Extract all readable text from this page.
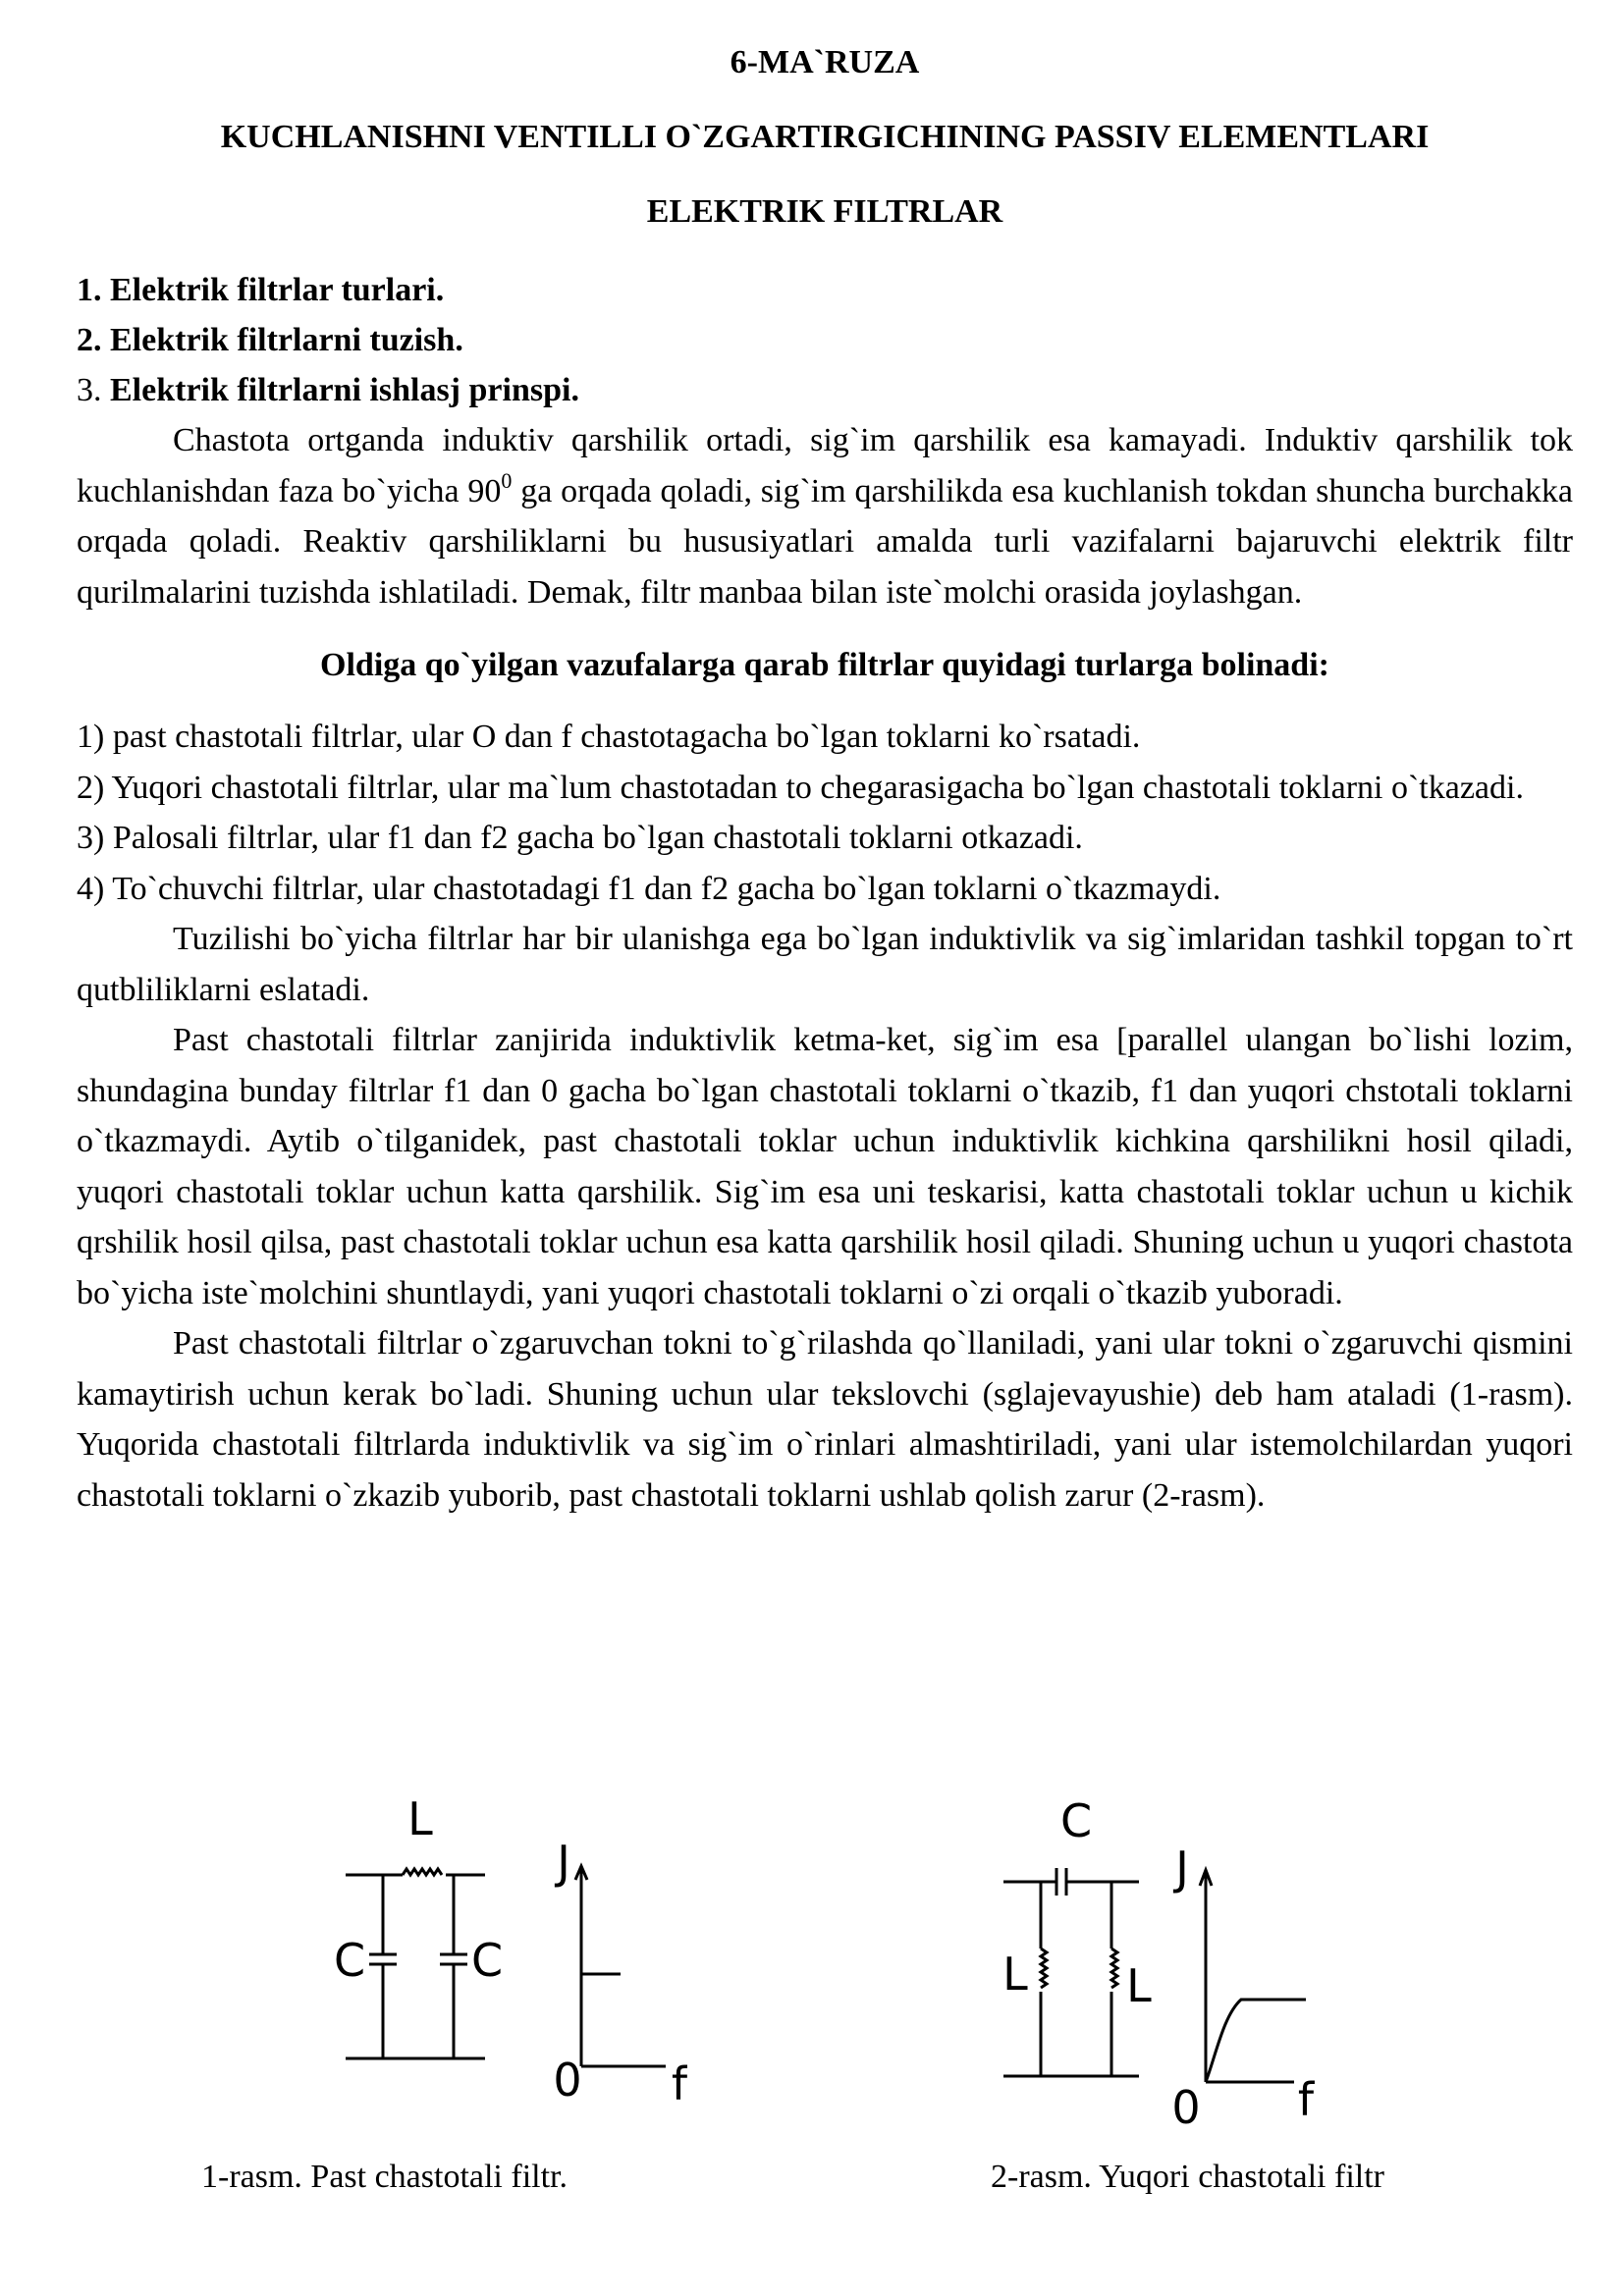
6-MA`RUZA
KUCHLANISHNI VENTILLI O`ZGARTIRGICHINING PASSIV ELEMENTLARI
ELEKTRIK FILTRLAR
1. Elektrik filtrlar turlari.
2. Elektrik filtrlarni tuzish.
3. Elektrik filtrlarni ishlasj prinspi.

Chastota ortganda induktiv qarshilik ortadi, sig`im qarshilik esa kamayadi. Induktiv qarshilik tok kuchlanishdan faza bo`yicha $90^0$ ga orqada qoladi, sig`im qarshilikda esa kuchlanish tokdan shuncha burchakka orqada qoladi. Reaktiv qarshiliklarni bu hususiyatlari amalda turli vazifalarni bajaruvchi elektrik filtr qurilmalarini tuzishda ishlatiladi. Demak, filtr manbaa bilan iste`molchi orasida joylashgan.

Oldiga qo`yilgan vazufalarga qarab filtrlar quyidagi turlarga bolinadi:

1) past chastotali filtrlar, ular O dan f chastotagacha bo`lgan toklarni ko`rsatadi.

2) Yuqori chastotali filtrlar, ular ma`lum chastotadan to chegarasigacha bo`lgan chastotali toklarni o`tkazadi.

3) Palosali filtrlar, ular f1 dan f2 gacha bo`lgan chastotali toklarni otkazadi.

4) To`chuvchi filtrlar, ular chastotadagi f1 dan f2 gacha bo`lgan toklarni o`tkazmaydi.

Tuzilishi bo`yicha filtrlar har bir ulanishga ega bo`lgan induktivlik va sig`imlaridan tashkil topgan to`rt qutbliliklarni eslatadi.

Past chastotali filtrlar zanjirida induktivlik ketma-ket, sig`im esa [parallel ulangan bo`lishi lozim, shundagina bunday filtrlar f1 dan 0 gacha bo`lgan chastotali toklarni o`tkazib, f1 dan yuqori chstotali toklarni o`tkazmaydi. Aytib o`tilganidek, past chastotali toklar uchun induktivlik kichkina qarshilikni hosil qiladi, yuqori chastotali toklar uchun katta qarshilik. Sig`im esa uni teskarisi, katta chastotali toklar uchun u kichik qrshilik hosil qilsa, past chastotali toklar uchun esa katta qarshilik hosil qiladi. Shuning uchun u yuqori chastota bo`yicha iste`molchini shuntlaydi, yani yuqori chastotali toklarni o`zi orqali o`tkazib yuboradi.

Past chastotali filtrlar o`zgaruvchan tokni to`g`rilashda qo`llaniladi, yani ular tokni o`zgaruvchi qismini kamaytirish uchun kerak bo`ladi. Shuning uchun ular tekslovchi (sglajevayushie) deb ham ataladi (1-rasm). Yuqorida chastotali filtrlarda induktivlik va sig`im o`rinlari almashtiriladi, yani ular istemolchilardan yuqori chastotali toklarni o`zkazib yuborib, past chastotali toklarni ushlab qolish zarur (2-rasm).

L
C C
J
0 f
C
L L
J
0 f
1-rasm. Past chastotali filtr.	2-rasm. Yuqori chastotali filtr
